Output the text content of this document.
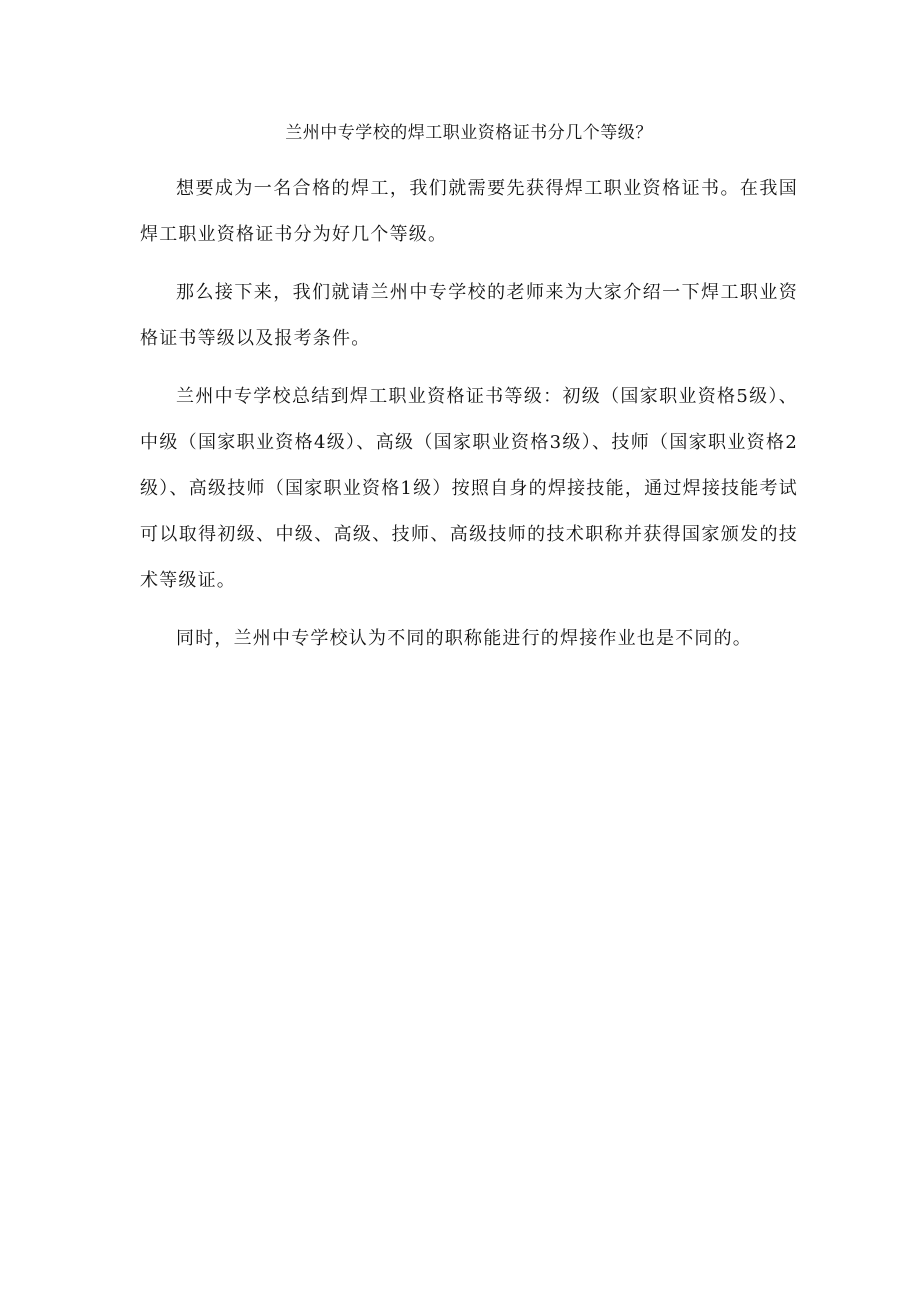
兰州中专学校的焊工职业资格证书分几个等级？

想要成为一名合格的焊工，我们就需要先获得焊工职业资格证书。在我国焊工职业资格证书分为好几个等级。

那么接下来，我们就请兰州中专学校的老师来为大家介绍一下焊工职业资格证书等级以及报考条件。

兰州中专学校总结到焊工职业资格证书等级：初级（国家职业资格5级）、中级（国家职业资格4级）、高级（国家职业资格3级）、技师（国家职业资格2级）、高级技师（国家职业资格1级）按照自身的焊接技能，通过焊接技能考试可以取得初级、中级、高级、技师、高级技师的技术职称并获得国家颁发的技术等级证。

同时，兰州中专学校认为不同的职称能进行的焊接作业也是不同的。
